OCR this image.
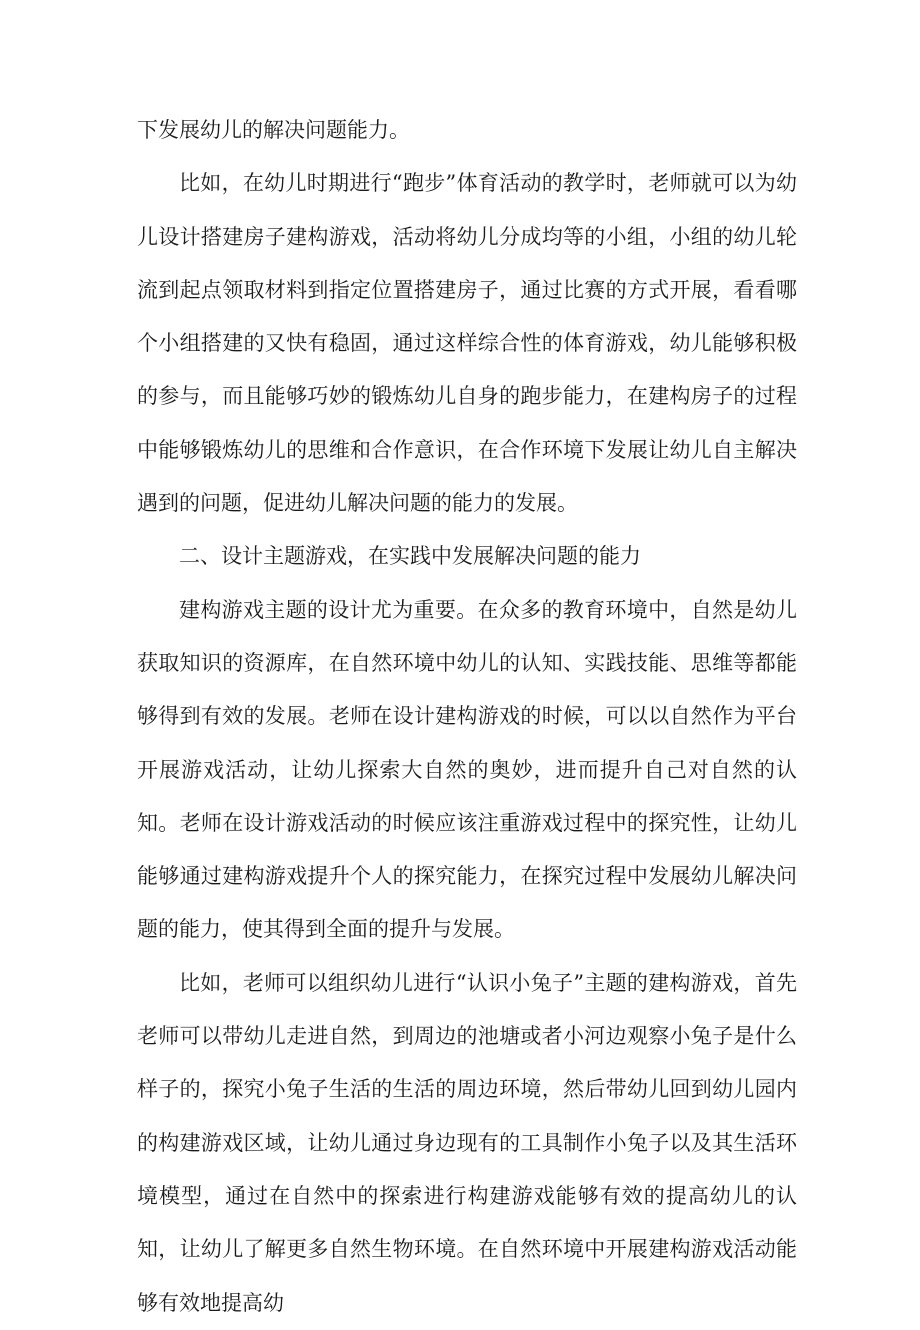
下发展幼儿的解决问题能力。

比如，在幼儿时期进行“跑步”体育活动的教学时，老师就可以为幼儿设计搭建房子建构游戏，活动将幼儿分成均等的小组，小组的幼儿轮流到起点领取材料到指定位置搭建房子，通过比赛的方式开展，看看哪个小组搭建的又快有稳固，通过这样综合性的体育游戏，幼儿能够积极的参与，而且能够巧妙的锻炼幼儿自身的跑步能力，在建构房子的过程中能够锻炼幼儿的思维和合作意识，在合作环境下发展让幼儿自主解决遇到的问题，促进幼儿解决问题的能力的发展。

二、设计主题游戏，在实践中发展解决问题的能力

建构游戏主题的设计尤为重要。在众多的教育环境中，自然是幼儿获取知识的资源库，在自然环境中幼儿的认知、实践技能、思维等都能够得到有效的发展。老师在设计建构游戏的时候，可以以自然作为平台开展游戏活动，让幼儿探索大自然的奥妙，进而提升自己对自然的认知。老师在设计游戏活动的时候应该注重游戏过程中的探究性，让幼儿能够通过建构游戏提升个人的探究能力，在探究过程中发展幼儿解决问题的能力，使其得到全面的提升与发展。

比如，老师可以组织幼儿进行“认识小兔子”主题的建构游戏，首先老师可以带幼儿走进自然，到周边的池塘或者小河边观察小兔子是什么样子的，探究小兔子生活的生活的周边环境，然后带幼儿回到幼儿园内的构建游戏区域，让幼儿通过身边现有的工具制作小兔子以及其生活环境模型，通过在自然中的探索进行构建游戏能够有效的提高幼儿的认知，让幼儿了解更多自然生物环境。在自然环境中开展建构游戏活动能够有效地提高幼
